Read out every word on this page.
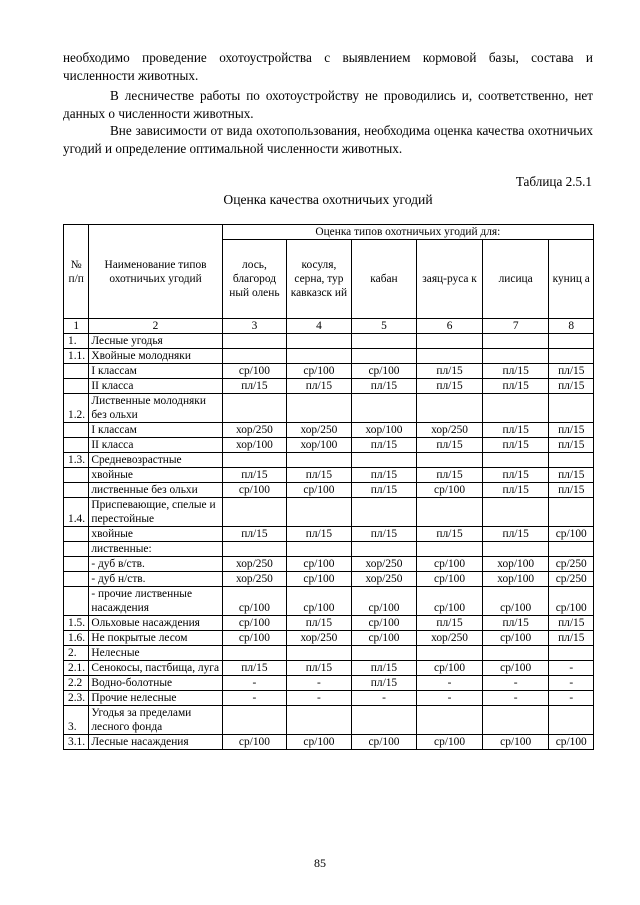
необходимо проведение охотоустройства с выявлением кормовой базы, состава и численности животных.

В лесничестве работы по охотоустройству не проводились и, соответственно, нет данных о численности животных.

Вне зависимости от вида охотопользования, необходима оценка качества охотничьих угодий и определение оптимальной численности животных.

Таблица 2.5.1
Оценка качества охотничьих угодий
№ п/п	Наименование типов охотничьих угодий	Оценка типов охотничьих угодий для:					
		лось, благород ный олень	косуля, серна, тур кавказск ий	кабан	заяц-руса к	лисица	куниц а
1	2	3	4	5	6	7	8
1.	Лесные угодья						
1.1.	Хвойные молодняки						
	I классам	ср/100	ср/100	ср/100	пл/15	пл/15	пл/15
	II класса	пл/15	пл/15	пл/15	пл/15	пл/15	пл/15
1.2.	Лиственные молодняки без ольхи						
	I классам	хор/250	хор/250	хор/100	хор/250	пл/15	пл/15
	II класса	хор/100	хор/100	пл/15	пл/15	пл/15	пл/15
1.3.	Средневозрастные						
	хвойные	пл/15	пл/15	пл/15	пл/15	пл/15	пл/15
	лиственные без ольхи	ср/100	ср/100	пл/15	ср/100	пл/15	пл/15
1.4.	Приспевающие, спелые и перестойные						
	хвойные	пл/15	пл/15	пл/15	пл/15	пл/15	ср/100
	лиственные:						
	- дуб в/ств.	хор/250	ср/100	хор/250	ср/100	хор/100	ср/250
	- дуб н/ств.	хор/250	ср/100	хор/250	ср/100	хор/100	ср/250
	- прочие лиственные насаждения	ср/100	ср/100	ср/100	ср/100	ср/100	ср/100
1.5.	Ольховые насаждения	ср/100	пл/15	ср/100	пл/15	пл/15	пл/15
1.6.	Не покрытые лесом	ср/100	хор/250	ср/100	хор/250	ср/100	пл/15
2.	Нелесные						
2.1.	Сенокосы, пастбища, луга	пл/15	пл/15	пл/15	ср/100	ср/100	-
2.2	Водно-болотные	-	-	пл/15	-	-	-
2.3.	Прочие нелесные	-	-	-	-	-	-
3.	Угодья за пределами лесного фонда						
3.1.	Лесные насаждения	ср/100	ср/100	ср/100	ср/100	ср/100	ср/100
85
